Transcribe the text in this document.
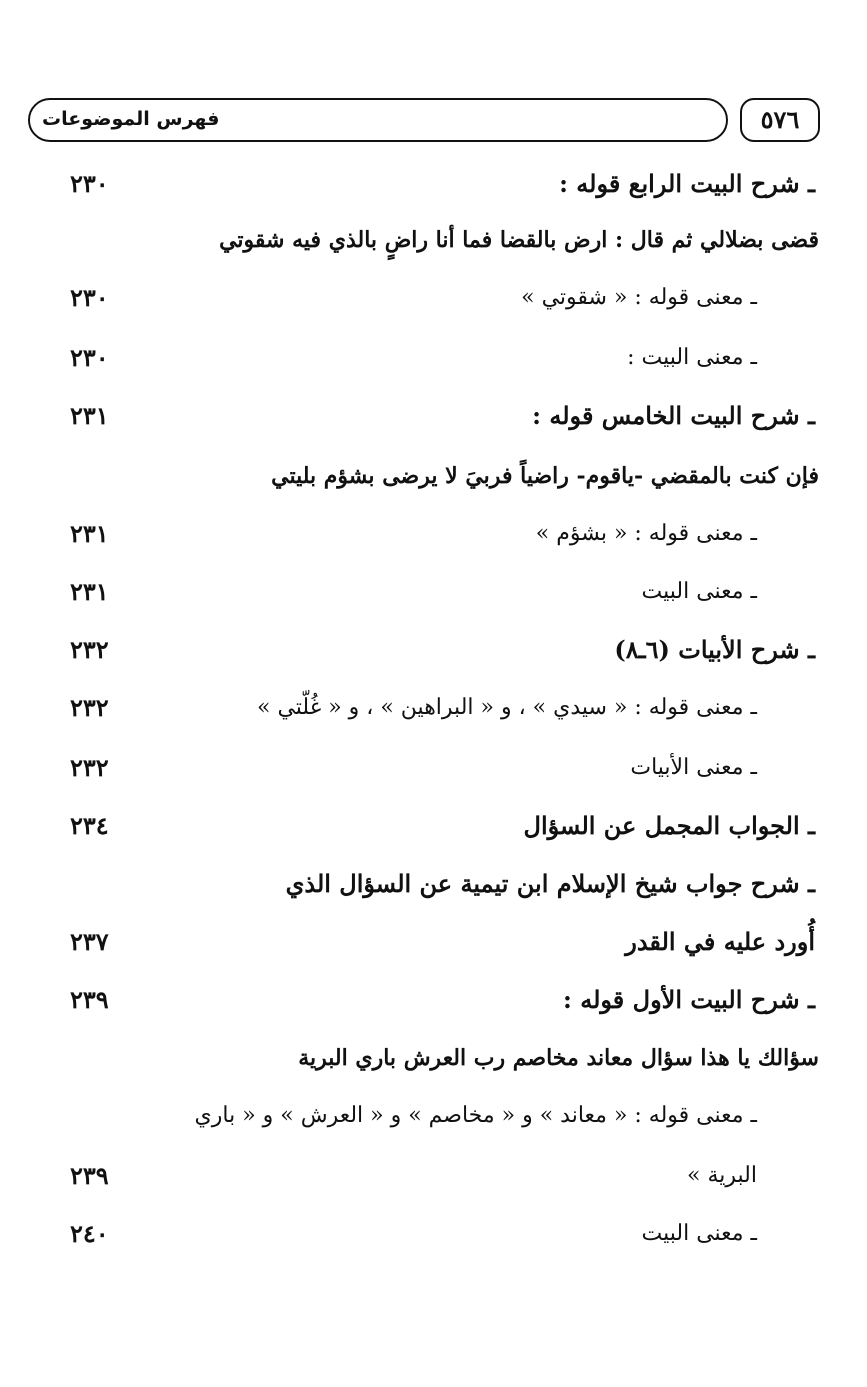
فهرس الموضوعات	٥٧٦
ـ شرح البيت الرابع قوله :
٢٣٠
قضى بضلالي ثم قال : ارض بالقضا فما أنا راضٍ بالذي فيه شقوتي
ـ معنى قوله : « شقوتي »
٢٣٠
ـ معنى البيت :
٢٣٠
ـ شرح البيت الخامس قوله :
٢٣١
فإن كنت بالمقضي -ياقوم- راضياً فربيَ لا يرضى بشؤم بليتي
ـ معنى قوله : « بشؤم »
٢٣١
ـ معنى البيت
٢٣١
ـ شرح الأبيات (٦ـ٨)
٢٣٢
ـ معنى قوله : « سيدي » ، و « البراهين » ، و « غُلّتي »
٢٣٢
ـ معنى الأبيات
٢٣٢
ـ الجواب المجمل عن السؤال
٢٣٤
ـ شرح جواب شيخ الإسلام ابن تيمية عن السؤال الذي
أُورد عليه في القدر
٢٣٧
ـ شرح البيت الأول قوله :
٢٣٩
سؤالك يا هذا سؤال معاند مخاصم رب العرش باري البرية
ـ معنى قوله : « معاند » و « مخاصم » و « العرش » و « باري
البرية »
٢٣٩
ـ معنى البيت
٢٤٠
